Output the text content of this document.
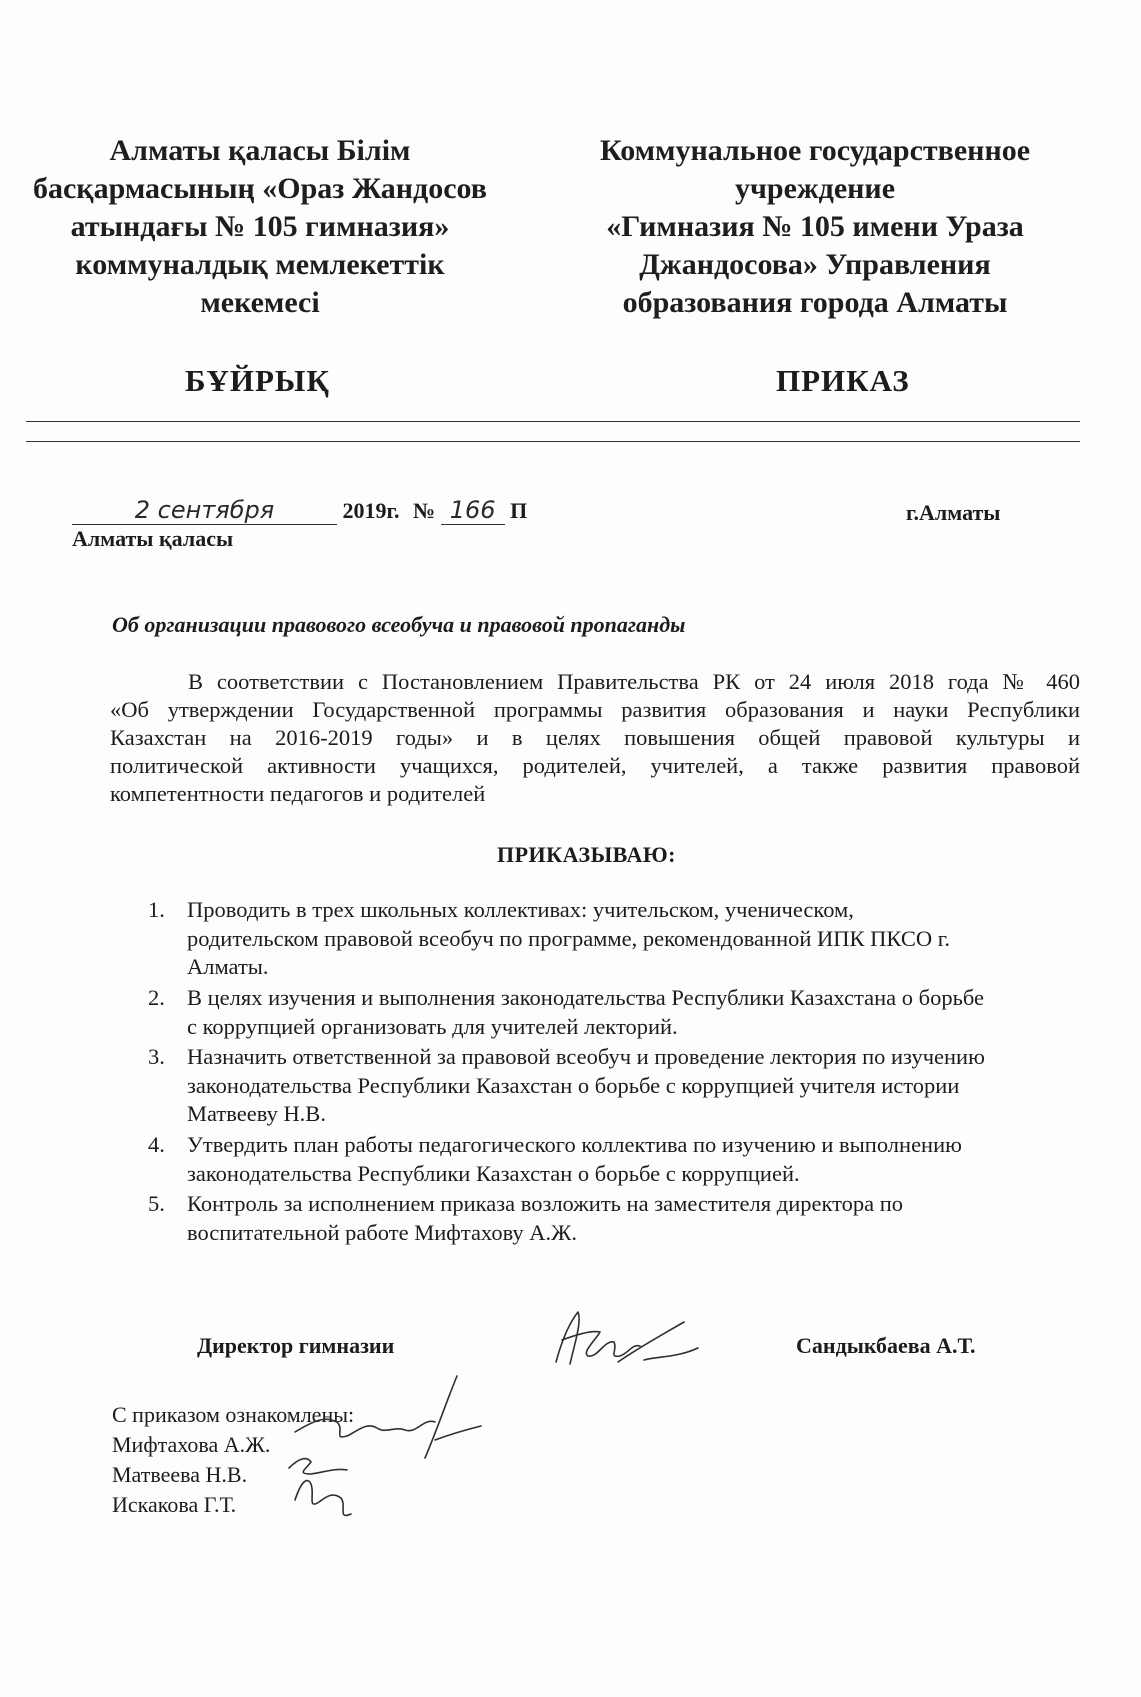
Алматы қаласы Білім
басқармасының «Ораз Жандосов
атындағы № 105 гимназия»
коммуналдық мемлекеттік
мекемесі
Коммунальное государственное
учреждение
«Гимназия № 105 имени Ураза
Джандосова» Управления
образования города Алматы
БҰЙРЫҚ	ПРИКАЗ
2 сентября	2019г. № 166 П
Алматы қаласы
г.Алматы
Об организации правового всеобуча и правовой пропаганды
В соответствии с Постановлением Правительства РК от 24 июля 2018 года № 460
«Об утверждении Государственной программы развития образования и науки Республики
Казахстан на 2016-2019 годы» и в целях повышения общей правовой культуры и
политической активности учащихся, родителей, учителей, а также развития правовой
компетентности педагогов и родителей
ПРИКАЗЫВАЮ:
1. Проводить в трех школьных коллективах: учительском, ученическом,
родительском правовой всеобуч по программе, рекомендованной ИПК ПКСО г.
Алматы.
2. В целях изучения и выполнения законодательства Республики Казахстана о борьбе
с коррупцией организовать для учителей лекторий.
3. Назначить ответственной за правовой всеобуч и проведение лектория по изучению
законодательства Республики Казахстан о борьбе с коррупцией учителя истории
Матвееву Н.В.
4. Утвердить план работы педагогического коллектива по изучению и выполнению
законодательства Республики Казахстан о борьбе с коррупцией.
5. Контроль за исполнением приказа возложить на заместителя директора по
воспитательной работе Мифтахову А.Ж.
Директор гимназии	Сандыкбаева А.Т.
С приказом ознакомлены:
Мифтахова А.Ж.
Матвеева Н.В.
Искакова Г.Т.
